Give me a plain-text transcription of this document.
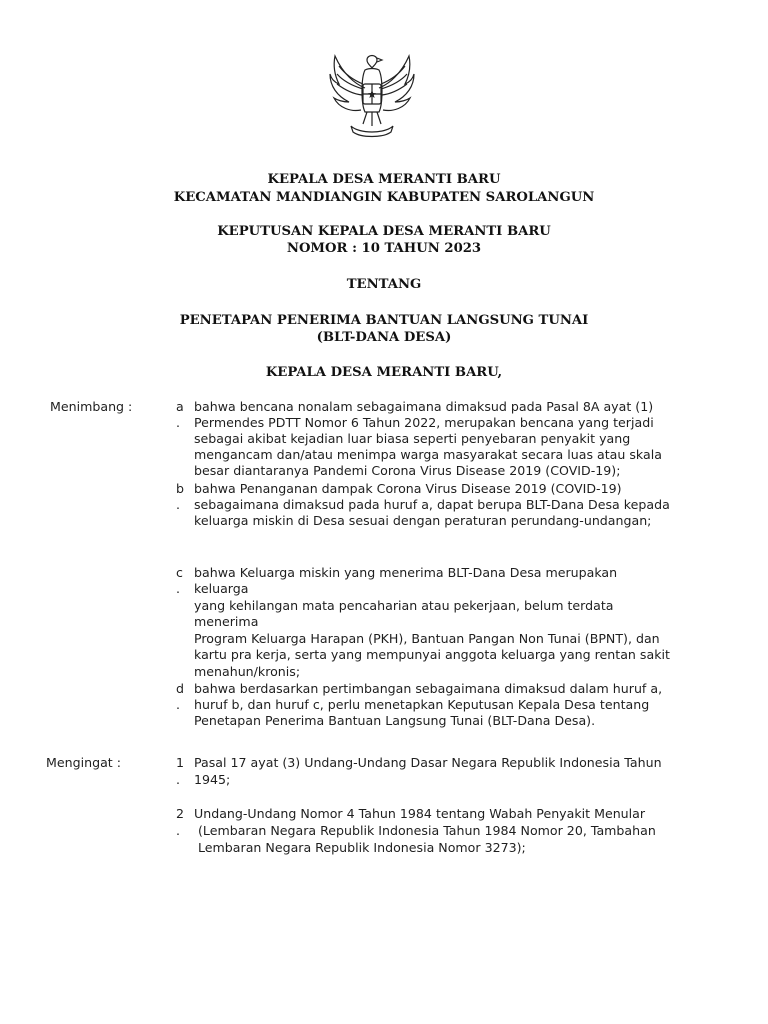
KEPALA DESA MERANTI BARU
KECAMATAN MANDIANGIN KABUPATEN SAROLANGUN
KEPUTUSAN KEPALA DESA MERANTI BARU
NOMOR : 10 TAHUN 2023
TENTANG
PENETAPAN PENERIMA BANTUAN LANGSUNG TUNAI
(BLT-DANA DESA)
KEPALA DESA MERANTI BARU,
Menimbang :	a
.
bahwa bencana nonalam sebagaimana dimaksud pada Pasal 8A ayat (1)
Permendes PDTT Nomor 6 Tahun 2022, merupakan bencana yang terjadi
sebagai akibat kejadian luar biasa seperti penyebaran penyakit yang
mengancam dan/atau menimpa warga masyarakat secara luas atau skala
besar diantaranya Pandemi Corona Virus Disease 2019 (COVID-19);
b
.
bahwa Penanganan dampak Corona Virus Disease 2019 (COVID-19)
sebagaimana dimaksud pada huruf a, dapat berupa BLT-Dana Desa kepada
keluarga miskin di Desa sesuai dengan peraturan perundang-undangan;
c
.
bahwa Keluarga miskin yang menerima BLT-Dana Desa merupakan
keluarga
yang kehilangan mata pencaharian atau pekerjaan, belum terdata
menerima
Program Keluarga Harapan (PKH), Bantuan Pangan Non Tunai (BPNT), dan
kartu pra kerja, serta yang mempunyai anggota keluarga yang rentan sakit
menahun/kronis;
d
.
bahwa berdasarkan pertimbangan sebagaimana dimaksud dalam huruf a,
huruf b, dan huruf c, perlu menetapkan Keputusan Kepala Desa tentang
Penetapan Penerima Bantuan Langsung Tunai (BLT-Dana Desa).
Mengingat :	1
.
Pasal 17 ayat (3) Undang-Undang Dasar Negara Republik Indonesia Tahun
1945;
2
.
Undang-Undang Nomor 4 Tahun 1984 tentang Wabah Penyakit Menular
(Lembaran Negara Republik Indonesia Tahun 1984 Nomor 20, Tambahan
Lembaran Negara Republik Indonesia Nomor 3273);
